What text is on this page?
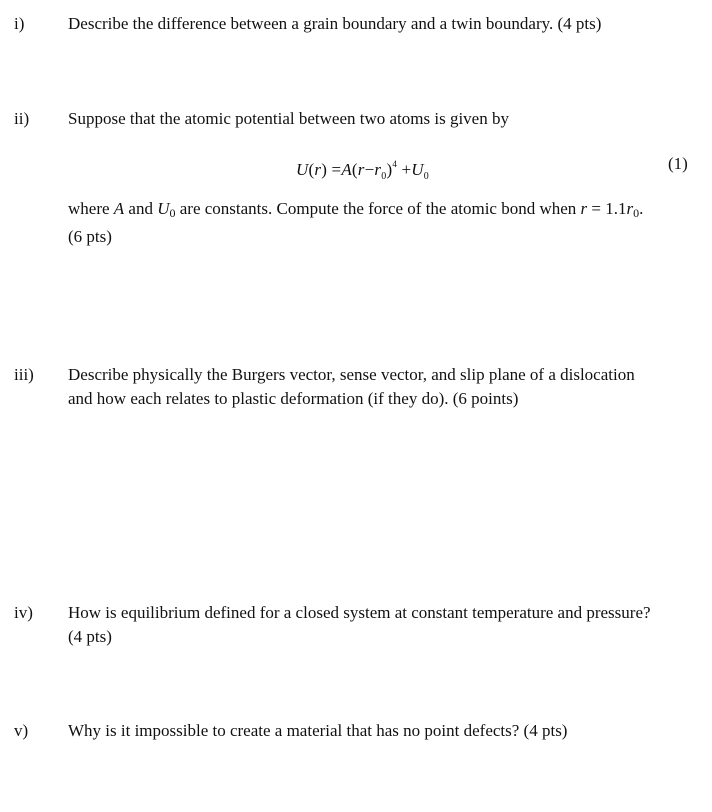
i)	Describe the difference between a grain boundary and a twin boundary. (4 pts)
ii) Suppose that the atomic potential between two atoms is given by
$U(r) =A(r-r_0)^4 +U_0$
(1)
where A and U0 are constants. Compute the force of the atomic bond when r = 1.1r0.
(6 pts)
iii) Describe physically the Burgers vector, sense vector, and slip plane of a dislocation
and how each relates to plastic deformation (if they do). (6 points)
iv) How is equilibrium defined for a closed system at constant temperature and pressure?
(4 pts)
v) Why is it impossible to create a material that has no point defects? (4 pts)
